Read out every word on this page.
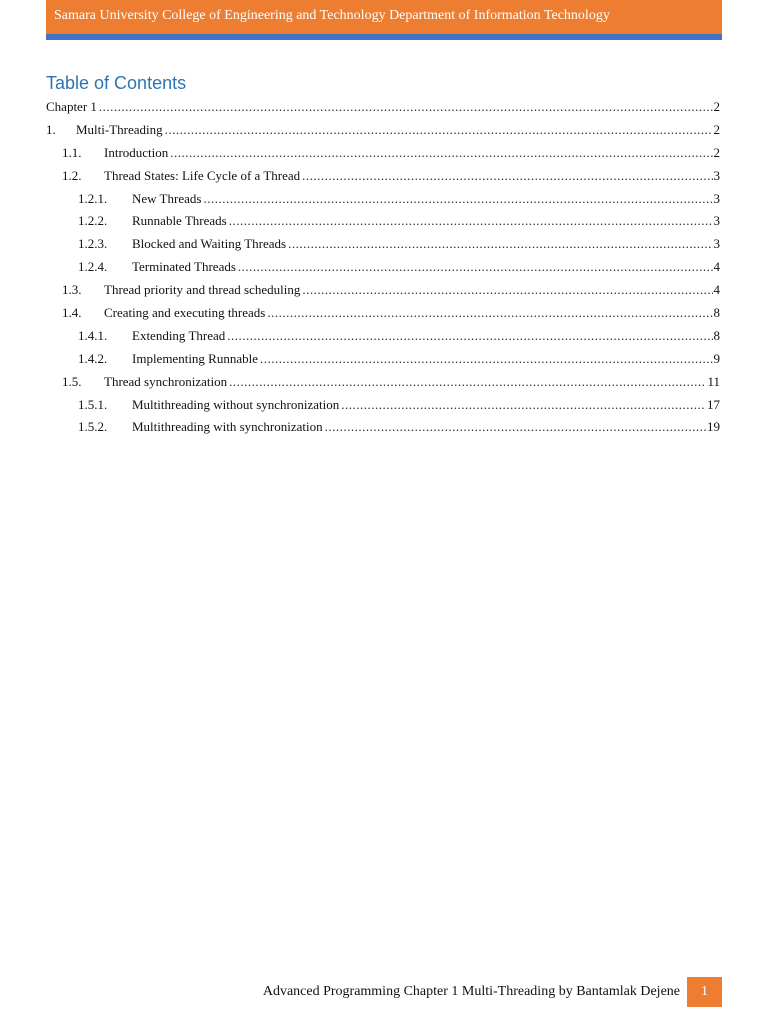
Samara University College of Engineering and Technology Department of Information Technology
Table of Contents
Chapter 1 .....	2
1.	Multi-Threading .....	2
1.1.	Introduction .....	2
1.2.	Thread States: Life Cycle of a Thread .....	3
1.2.1.	New Threads .....	3
1.2.2.	Runnable Threads .....	3
1.2.3.	Blocked and Waiting Threads .....	3
1.2.4.	Terminated Threads .....	4
1.3.	Thread priority and thread scheduling .....	4
1.4.	Creating and executing threads .....	8
1.4.1.	Extending Thread .....	8
1.4.2.	Implementing Runnable .....	9
1.5.	Thread synchronization .....	11
1.5.1.	Multithreading without synchronization .....	17
1.5.2.	Multithreading with synchronization .....	19
Advanced Programming Chapter 1 Multi-Threading by Bantamlak Dejene	1
